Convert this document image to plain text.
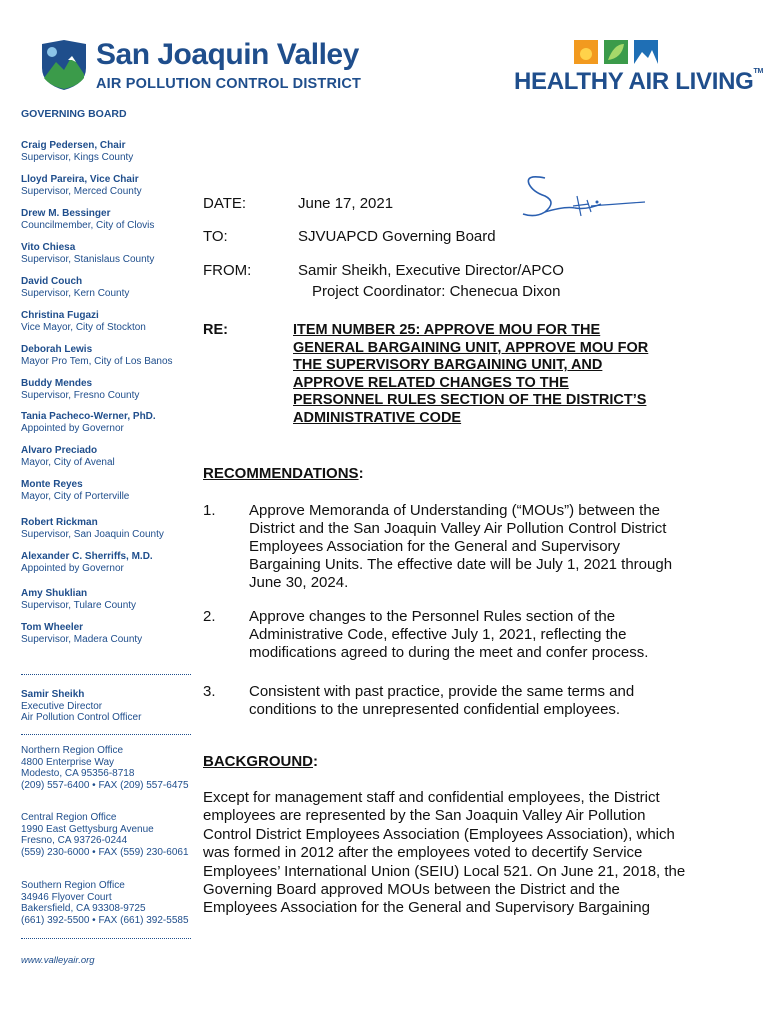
San Joaquin Valley
AIR POLLUTION CONTROL DISTRICT	HEALTHY AIR LIVING™
GOVERNING BOARD
Craig Pedersen, Chair
Supervisor, Kings County
Lloyd Pareira, Vice Chair
Supervisor, Merced County
Drew M. Bessinger
Councilmember, City of Clovis
Vito Chiesa
Supervisor, Stanislaus County
David Couch
Supervisor, Kern County
Christina Fugazi
Vice Mayor, City of Stockton
Deborah Lewis
Mayor Pro Tem, City of Los Banos
Buddy Mendes
Supervisor, Fresno County
Tania Pacheco-Werner, PhD.
Appointed by Governor
Alvaro Preciado
Mayor, City of Avenal
Monte Reyes
Mayor, City of Porterville
Robert Rickman
Supervisor, San Joaquin County
Alexander C. Sherriffs, M.D.
Appointed by Governor
Amy Shuklian
Supervisor, Tulare County
Tom Wheeler
Supervisor, Madera County
Samir Sheikh
Executive Director
Air Pollution Control Officer
Northern Region Office
4800 Enterprise Way
Modesto, CA 95356-8718
(209) 557-6400 • FAX (209) 557-6475
Central Region Office
1990 East Gettysburg Avenue
Fresno, CA 93726-0244
(559) 230-6000 • FAX (559) 230-6061
Southern Region Office
34946 Flyover Court
Bakersfield, CA 93308-9725
(661) 392-5500 • FAX (661) 392-5585
www.valleyair.org
DATE:	June 17, 2021
TO:	SJVUAPCD Governing Board
FROM:	Samir Sheikh, Executive Director/APCO
Project Coordinator: Chenecua Dixon
RE:	ITEM NUMBER 25: APPROVE MOU FOR THE GENERAL BARGAINING UNIT, APPROVE MOU FOR THE SUPERVISORY BARGAINING UNIT, AND APPROVE RELATED CHANGES TO THE PERSONNEL RULES SECTION OF THE DISTRICT’S ADMINISTRATIVE CODE
RECOMMENDATIONS:
1. Approve Memoranda of Understanding (“MOUs”) between the District and the San Joaquin Valley Air Pollution Control District Employees Association for the General and Supervisory Bargaining Units. The effective date will be July 1, 2021 through June 30, 2024.
2. Approve changes to the Personnel Rules section of the Administrative Code, effective July 1, 2021, reflecting the modifications agreed to during the meet and confer process.
3. Consistent with past practice, provide the same terms and conditions to the unrepresented confidential employees.
BACKGROUND:
Except for management staff and confidential employees, the District employees are represented by the San Joaquin Valley Air Pollution Control District Employees Association (Employees Association), which was formed in 2012 after the employees voted to decertify Service Employees’ International Union (SEIU) Local 521. On June 21, 2018, the Governing Board approved MOUs between the District and the Employees Association for the General and Supervisory Bargaining
